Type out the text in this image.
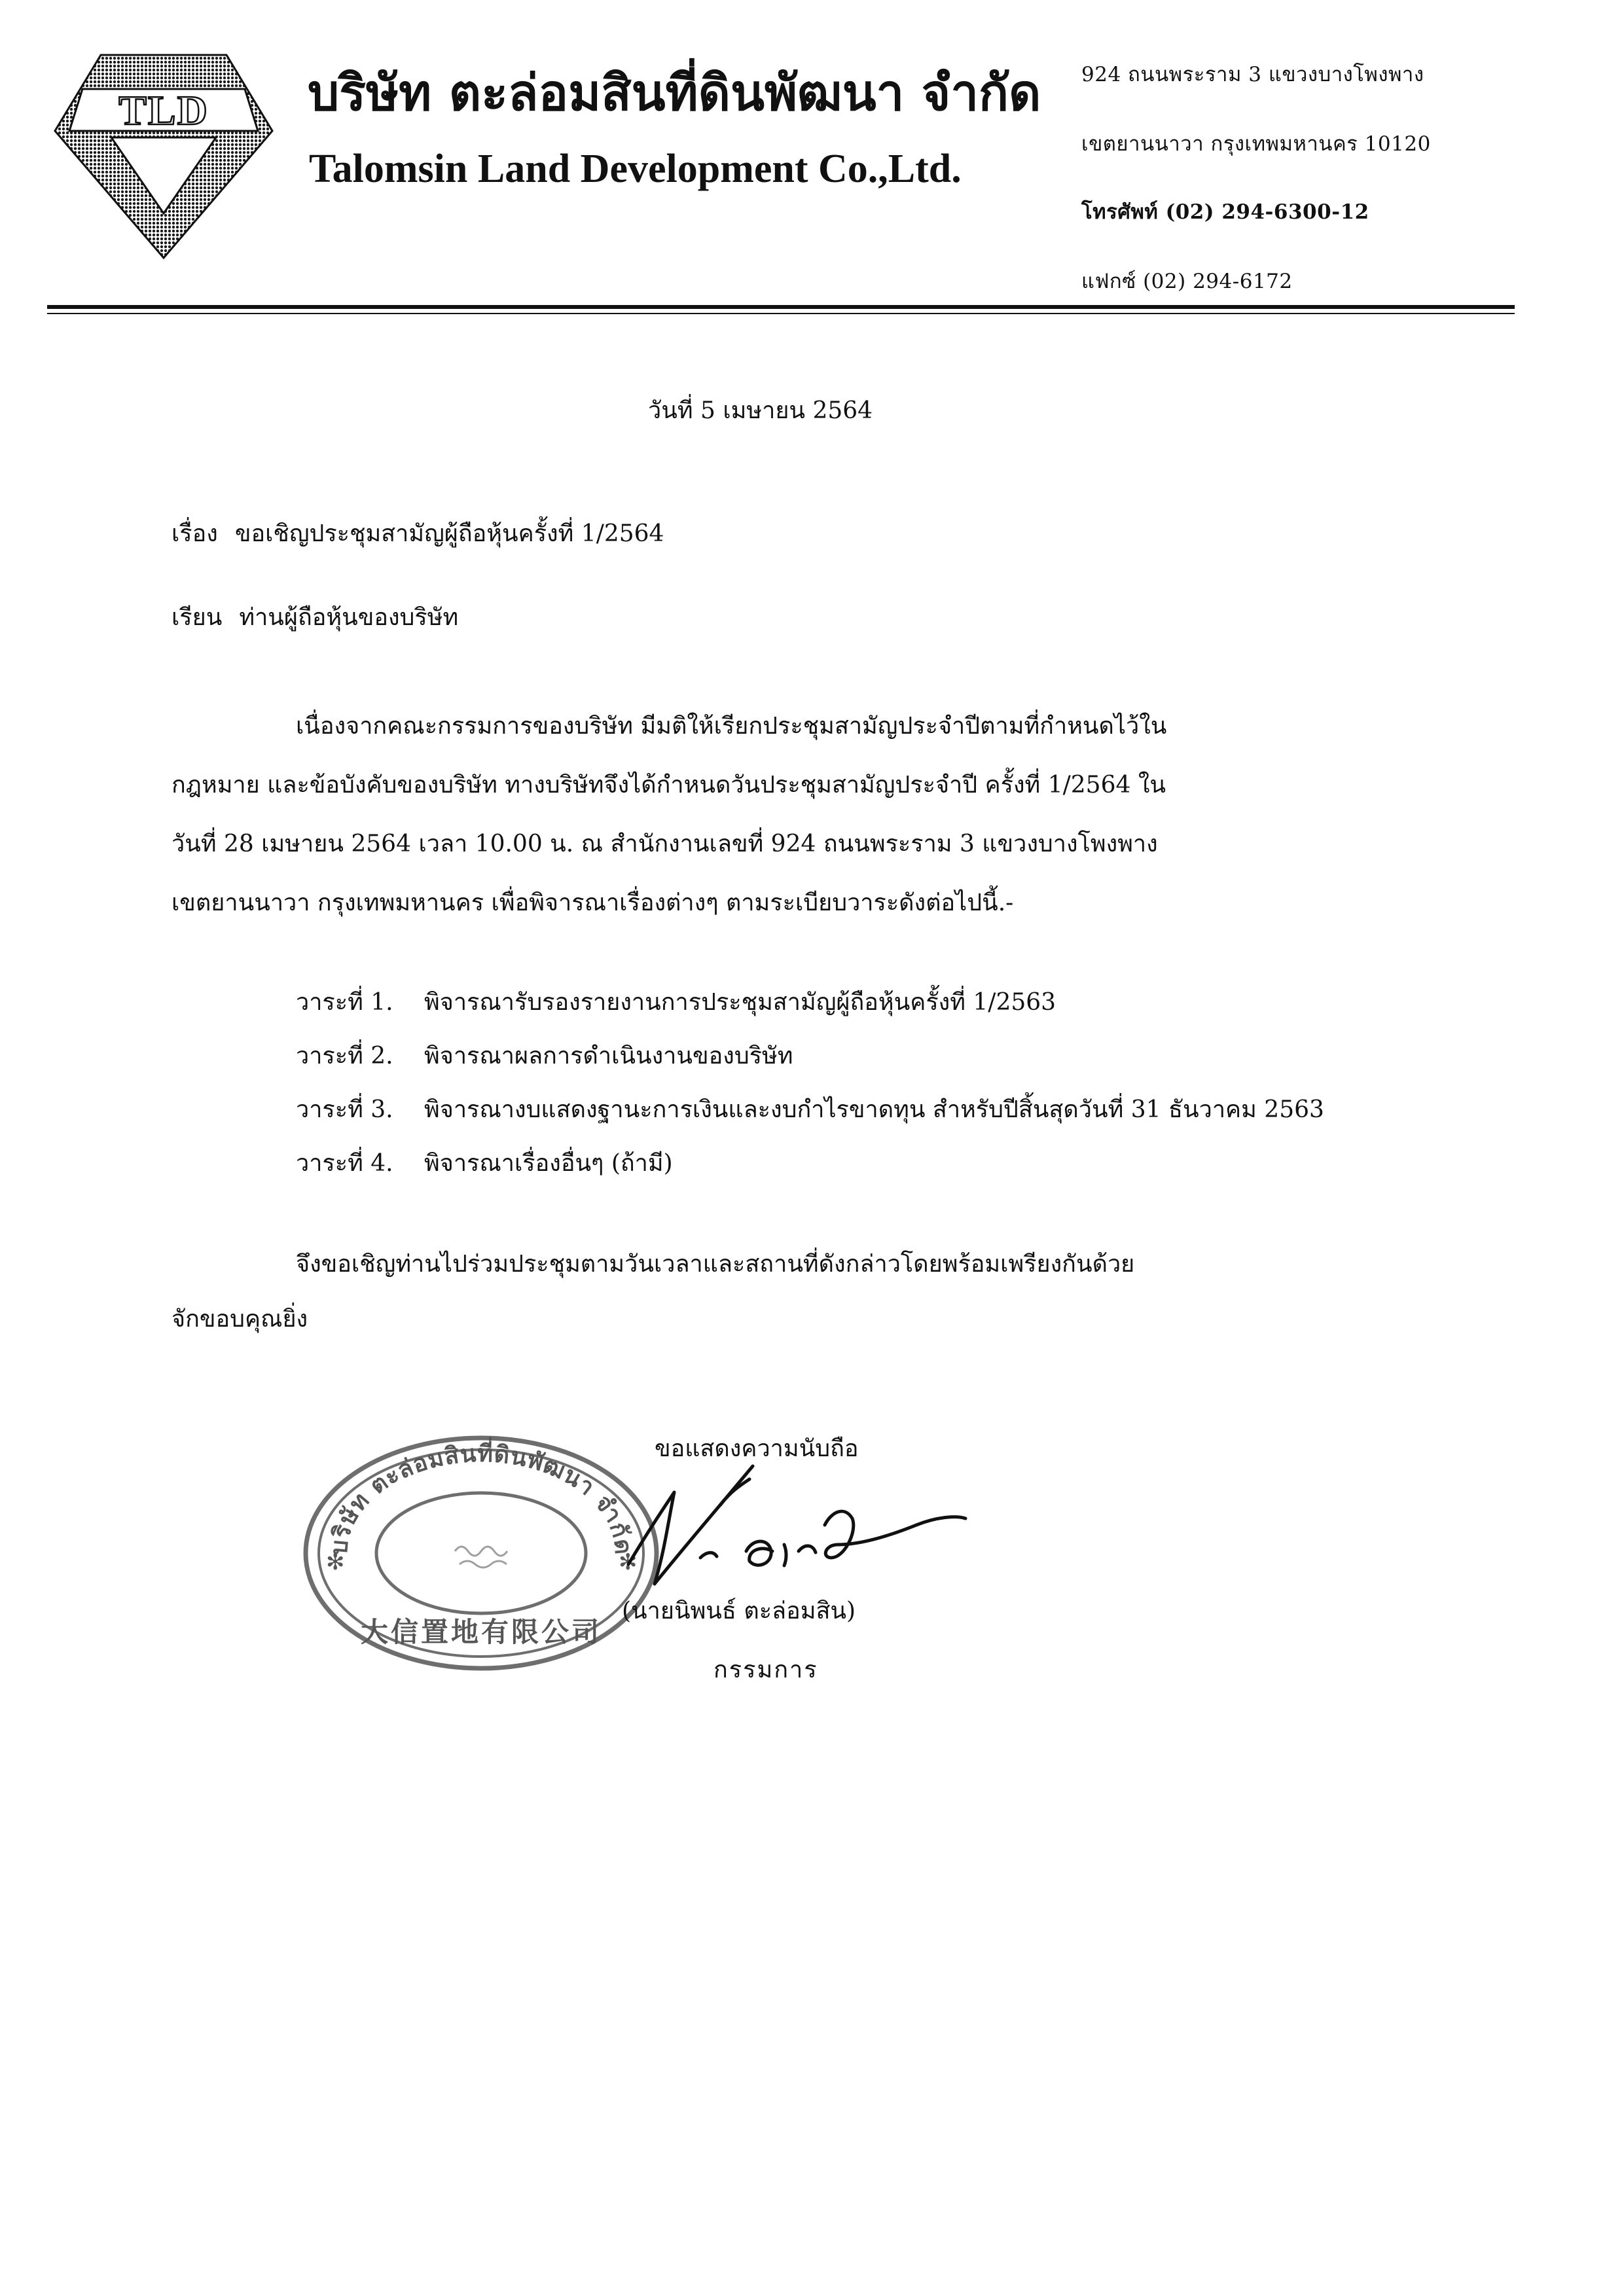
TLD บริษัท ตะล่อมสินที่ดินพัฒนา จำกัด
Talomsin Land Development Co.,Ltd.
924 ถนนพระราม 3 แขวงบางโพงพาง
เขตยานนาวา กรุงเทพมหานคร 10120
โทรศัพท์ (02) 294-6300-12
แฟกซ์ (02) 294-6172
วันที่ 5 เมษายน 2564
เรื่อง ขอเชิญประชุมสามัญผู้ถือหุ้นครั้งที่ 1/2564
เรียน ท่านผู้ถือหุ้นของบริษัท
เนื่องจากคณะกรรมการของบริษัท มีมติให้เรียกประชุมสามัญประจำปีตามที่กำหนดไว้ใน
กฎหมาย และข้อบังคับของบริษัท ทางบริษัทจึงได้กำหนดวันประชุมสามัญประจำปี ครั้งที่ 1/2564 ใน
วันที่ 28 เมษายน 2564 เวลา 10.00 น. ณ สำนักงานเลขที่ 924 ถนนพระราม 3 แขวงบางโพงพาง
เขตยานนาวา กรุงเทพมหานคร เพื่อพิจารณาเรื่องต่างๆ ตามระเบียบวาระดังต่อไปนี้.-
วาระที่ 1. พิจารณารับรองรายงานการประชุมสามัญผู้ถือหุ้นครั้งที่ 1/2563
วาระที่ 2. พิจารณาผลการดำเนินงานของบริษัท
วาระที่ 3. พิจารณางบแสดงฐานะการเงินและงบกำไรขาดทุน สำหรับปีสิ้นสุดวันที่ 31 ธันวาคม 2563
วาระที่ 4. พิจารณาเรื่องอื่นๆ (ถ้ามี)
จึงขอเชิญท่านไปร่วมประชุมตามวันเวลาและสถานที่ดังกล่าวโดยพร้อมเพรียงกันด้วย
จักขอบคุณยิ่ง
บริษัท ตะล่อมสินที่ดินพัฒนา จำกัด
大信置地有限公司
✻	✻
ขอแสดงความนับถือ
(นายนิพนธ์ ตะล่อมสิน)
กรรมการ
